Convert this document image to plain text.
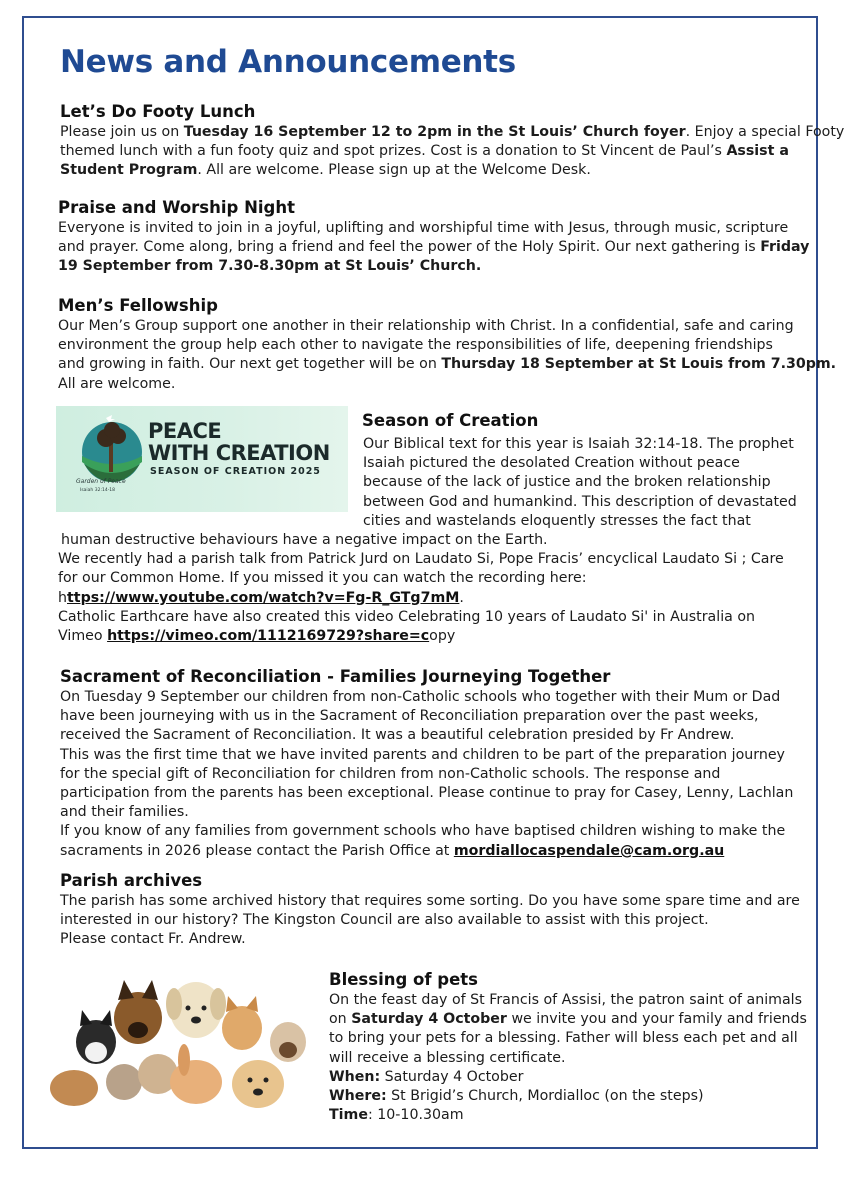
News and Announcements
Let’s Do Footy Lunch

Please join us on Tuesday 16 September 12 to 2pm in the St Louis’ Church foyer. Enjoy a special Footy
themed lunch with a fun footy quiz and spot prizes. Cost is a donation to St Vincent de Paul’s Assist a
Student Program. All are welcome. Please sign up at the Welcome Desk.

Praise and Worship Night

Everyone is invited to join in a joyful, uplifting and worshipful time with Jesus, through music, scripture
and prayer. Come along, bring a friend and feel the power of the Holy Spirit. Our next gathering is Friday
19 September from 7.30-8.30pm at St Louis’ Church.

Men’s Fellowship

Our Men’s Group support one another in their relationship with Christ. In a confidential, safe and caring
environment the group help each other to navigate the responsibilities of life, deepening friendships
and growing in faith. Our next get together will be on Thursday 18 September at St Louis from 7.30pm.
All are welcome.

PEACE
WITH CREATION
SEASON OF CREATION 2025
Garden of Peace
Isaiah 32:14-18
Season of Creation

Our Biblical text for this year is Isaiah 32:14-18. The prophet
Isaiah pictured the desolated Creation without peace
because of the lack of justice and the broken relationship
between God and humankind. This description of devastated
cities and wastelands eloquently stresses the fact that

human destructive behaviours have a negative impact on the Earth.
We recently had a parish talk from Patrick Jurd on Laudato Si, Pope Fracis’ encyclical Laudato Si ; Care
for our Common Home. If you missed it you can watch the recording here:
https://www.youtube.com/watch?v=Fg-R_GTg7mM.
Catholic Earthcare have also created this video Celebrating 10 years of Laudato Si' in Australia on
Vimeo https://vimeo.com/1112169729?share=copy

Sacrament of Reconciliation - Families Journeying Together

On Tuesday 9 September our children from non-Catholic schools who together with their Mum or Dad
have been journeying with us in the Sacrament of Reconciliation preparation over the past weeks,
received the Sacrament of Reconciliation. It was a beautiful celebration presided by Fr Andrew.
This was the first time that we have invited parents and children to be part of the preparation journey
for the special gift of Reconciliation for children from non-Catholic schools. The response and
participation from the parents has been exceptional. Please continue to pray for Casey, Lenny, Lachlan
and their families.
If you know of any families from government schools who have baptised children wishing to make the
sacraments in 2026 please contact the Parish Office at mordiallocaspendale@cam.org.au

Parish archives

The parish has some archived history that requires some sorting. Do you have some spare time and are
interested in our history? The Kingston Council are also available to assist with this project.
Please contact Fr. Andrew.

Blessing of pets

On the feast day of St Francis of Assisi, the patron saint of animals
on Saturday 4 October we invite you and your family and friends
to bring your pets for a blessing. Father will bless each pet and all
will receive a blessing certificate.
When: Saturday 4 October
Where: St Brigid’s Church, Mordialloc (on the steps)
Time: 10-10.30am
